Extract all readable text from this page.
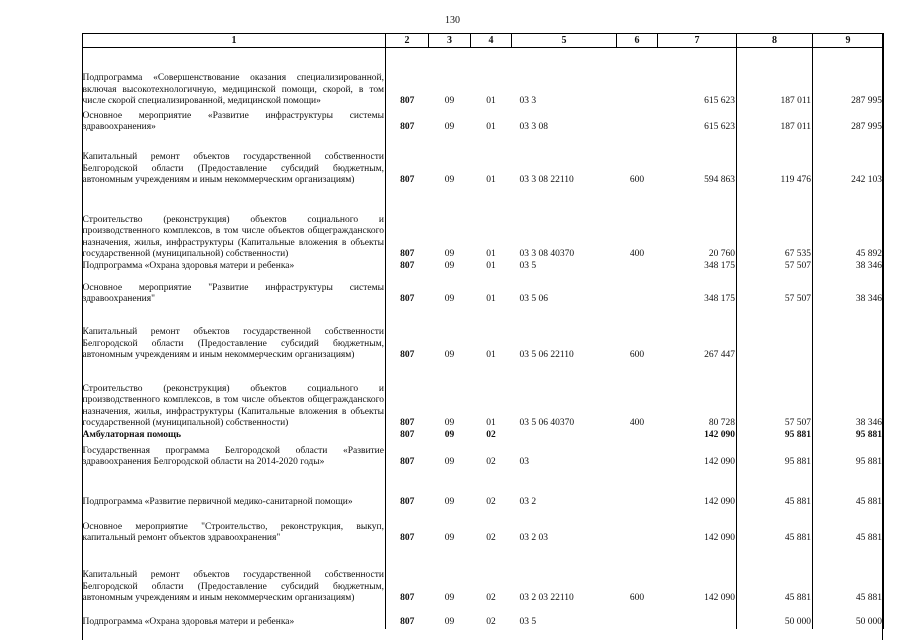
130
1	2	3	4	5	6	7	8	9
Подпрограмма «Совершенствование оказания специализированной, включая высокотехнологичную, медицинской помощи, скорой, в том числе скорой специализированной, медицинской помощи»	807	09	01	03 3		615 623	187 011	287 995
Основное мероприятие «Развитие инфраструктуры системы здравоохранения»	807	09	01	03 3 08		615 623	187 011	287 995
Капитальный ремонт объектов государственной собственности Белгородской области (Предоставление субсидий бюджетным, автономным учреждениям и иным некоммерческим организациям)	807	09	01	03 3 08 22110	600	594 863	119 476	242 103
Строительство (реконструкция) объектов социального и производственного комплексов, в том числе объектов общегражданского назначения, жилья, инфраструктуры (Капитальные вложения в объекты государственной (муниципальной) собственности)	807	09	01	03 3 08 40370	400	20 760	67 535	45 892
Подпрограмма «Охрана здоровья матери и ребенка»	807	09	01	03 5		348 175	57 507	38 346
Основное мероприятие "Развитие инфраструктуры системы здравоохранения"	807	09	01	03 5 06		348 175	57 507	38 346
Капитальный ремонт объектов государственной собственности Белгородской области (Предоставление субсидий бюджетным, автономным учреждениям и иным некоммерческим организациям)	807	09	01	03 5 06 22110	600	267 447		
Строительство (реконструкция) объектов социального и производственного комплексов, в том числе объектов общегражданского назначения, жилья, инфраструктуры (Капитальные вложения в объекты государственной (муниципальной) собственности)	807	09	01	03 5 06 40370	400	80 728	57 507	38 346
Амбулаторная помощь	807	09	02			142 090	95 881	95 881
Государственная программа Белгородской области «Развитие здравоохранения Белгородской области на 2014-2020 годы»	807	09	02	03		142 090	95 881	95 881
Подпрограмма «Развитие первичной медико-санитарной помощи»	807	09	02	03 2		142 090	45 881	45 881
Основное мероприятие "Строительство, реконструкция, выкуп, капитальный ремонт объектов здравоохранения"	807	09	02	03 2 03		142 090	45 881	45 881
Капитальный ремонт объектов государственной собственности Белгородской области (Предоставление субсидий бюджетным, автономным учреждениям и иным некоммерческим организациям)	807	09	02	03 2 03 22110	600	142 090	45 881	45 881
Подпрограмма «Охрана здоровья матери и ребенка»	807	09	02	03 5			50 000	50 000
